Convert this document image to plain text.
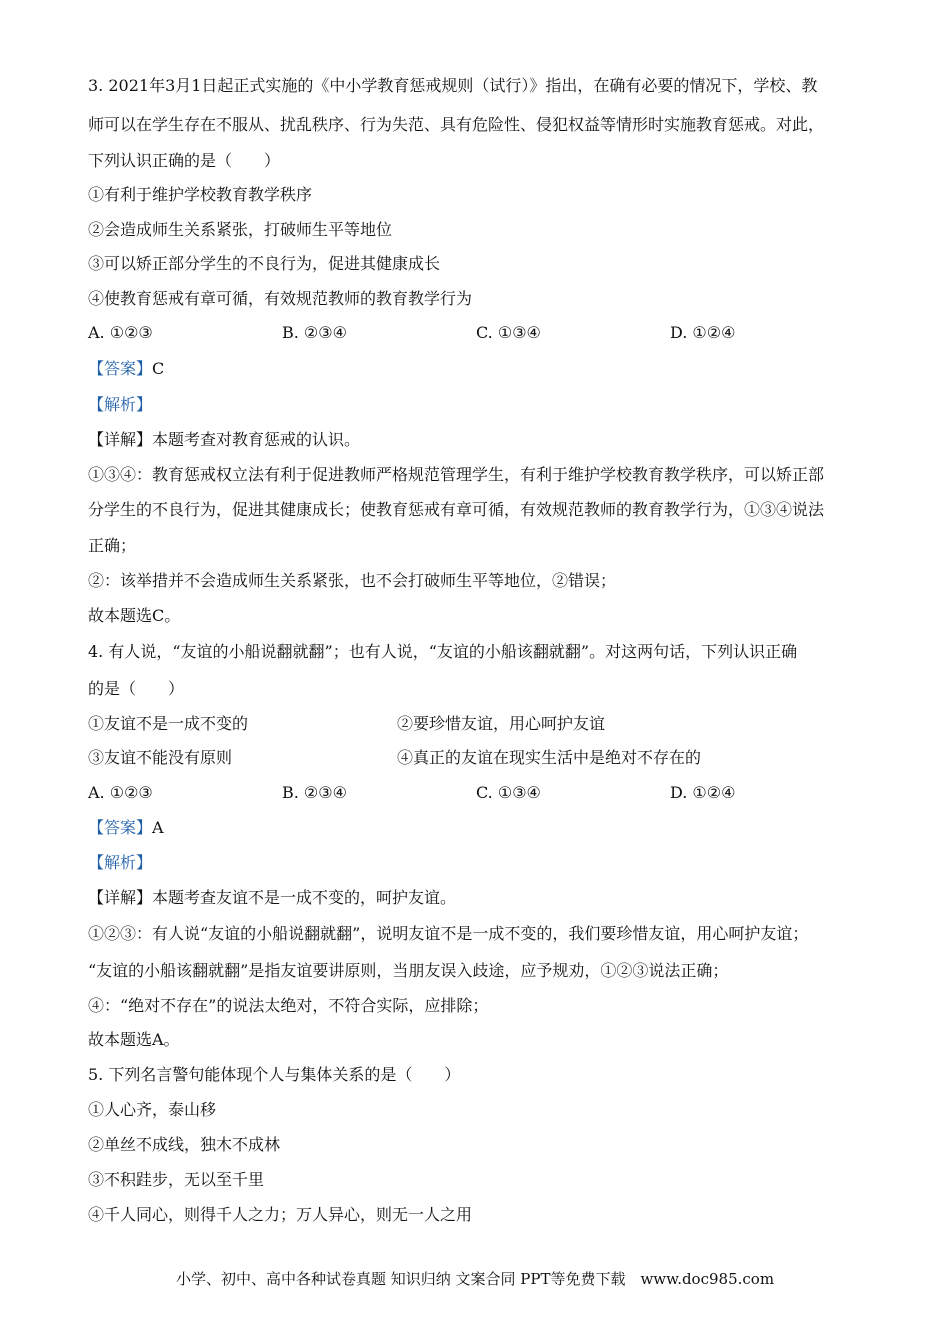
3. 2021年3月1日起正式实施的《中小学教育惩戒规则（试行）》指出，在确有必要的情况下，学校、教
师可以在学生存在不服从、扰乱秩序、行为失范、具有危险性、侵犯权益等情形时实施教育惩戒。对此，
下列认识正确的是（　　）
①有利于维护学校教育教学秩序
②会造成师生关系紧张，打破师生平等地位
③可以矫正部分学生的不良行为，促进其健康成长
④使教育惩戒有章可循，有效规范教师的教育教学行为
A. ①②③	B. ②③④	C. ①③④	D. ①②④
【答案】C
【解析】
【详解】本题考查对教育惩戒的认识。
①③④：教育惩戒权立法有利于促进教师严格规范管理学生，有利于维护学校教育教学秩序，可以矫正部
分学生的不良行为，促进其健康成长；使教育惩戒有章可循，有效规范教师的教育教学行为，①③④说法
正确；
②：该举措并不会造成师生关系紧张，也不会打破师生平等地位，②错误；
故本题选C。
4. 有人说，“友谊的小船说翻就翻”；也有人说，“友谊的小船该翻就翻”。对这两句话，下列认识正确
的是（　　）
①友谊不是一成不变的	②要珍惜友谊，用心呵护友谊
③友谊不能没有原则	④真正的友谊在现实生活中是绝对不存在的
A. ①②③	B. ②③④	C. ①③④	D. ①②④
【答案】A
【解析】
【详解】本题考查友谊不是一成不变的，呵护友谊。
①②③：有人说“友谊的小船说翻就翻”，说明友谊不是一成不变的，我们要珍惜友谊，用心呵护友谊；
“友谊的小船该翻就翻”是指友谊要讲原则，当朋友误入歧途，应予规劝，①②③说法正确；
④：“绝对不存在”的说法太绝对，不符合实际，应排除；
故本题选A。
5. 下列名言警句能体现个人与集体关系的是（　　）
①人心齐，泰山移
②单丝不成线，独木不成林
③不积跬步，无以至千里
④千人同心，则得千人之力；万人异心，则无一人之用
小学、初中、高中各种试卷真题 知识归纳 文案合同 PPT等免费下载　www.doc985.com
